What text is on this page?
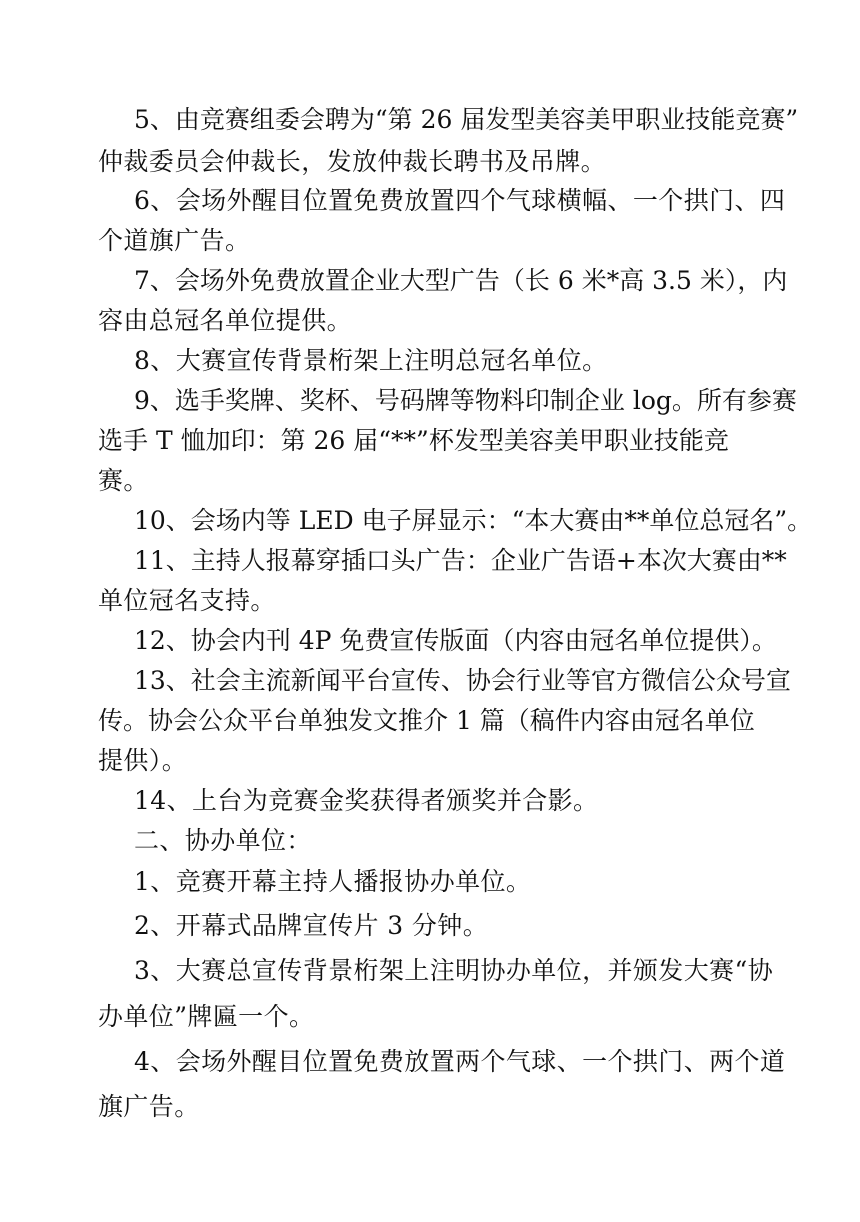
5、由竞赛组委会聘为“第 26 届发型美容美甲职业技能竞赛”
仲裁委员会仲裁长，发放仲裁长聘书及吊牌。
6、会场外醒目位置免费放置四个气球横幅、一个拱门、四
个道旗广告。
7、会场外免费放置企业大型广告（长 6 米*高 3.5 米），内
容由总冠名单位提供。
8、大赛宣传背景桁架上注明总冠名单位。
9、选手奖牌、奖杯、号码牌等物料印制企业 log。所有参赛
选手 T 恤加印：第 26 届“**”杯发型美容美甲职业技能竞
赛。
10、会场内等 LED 电子屏显示：“本大赛由**单位总冠名”。
11、主持人报幕穿插口头广告：企业广告语+本次大赛由**
单位冠名支持。
12、协会内刊 4P 免费宣传版面（内容由冠名单位提供）。
13、社会主流新闻平台宣传、协会行业等官方微信公众号宣
传。协会公众平台单独发文推介 1 篇（稿件内容由冠名单位
提供）。
14、上台为竞赛金奖获得者颁奖并合影。
二、协办单位：
1、竞赛开幕主持人播报协办单位。
2、开幕式品牌宣传片 3 分钟。
3、大赛总宣传背景桁架上注明协办单位，并颁发大赛“协
办单位”牌匾一个。
4、会场外醒目位置免费放置两个气球、一个拱门、两个道
旗广告。
